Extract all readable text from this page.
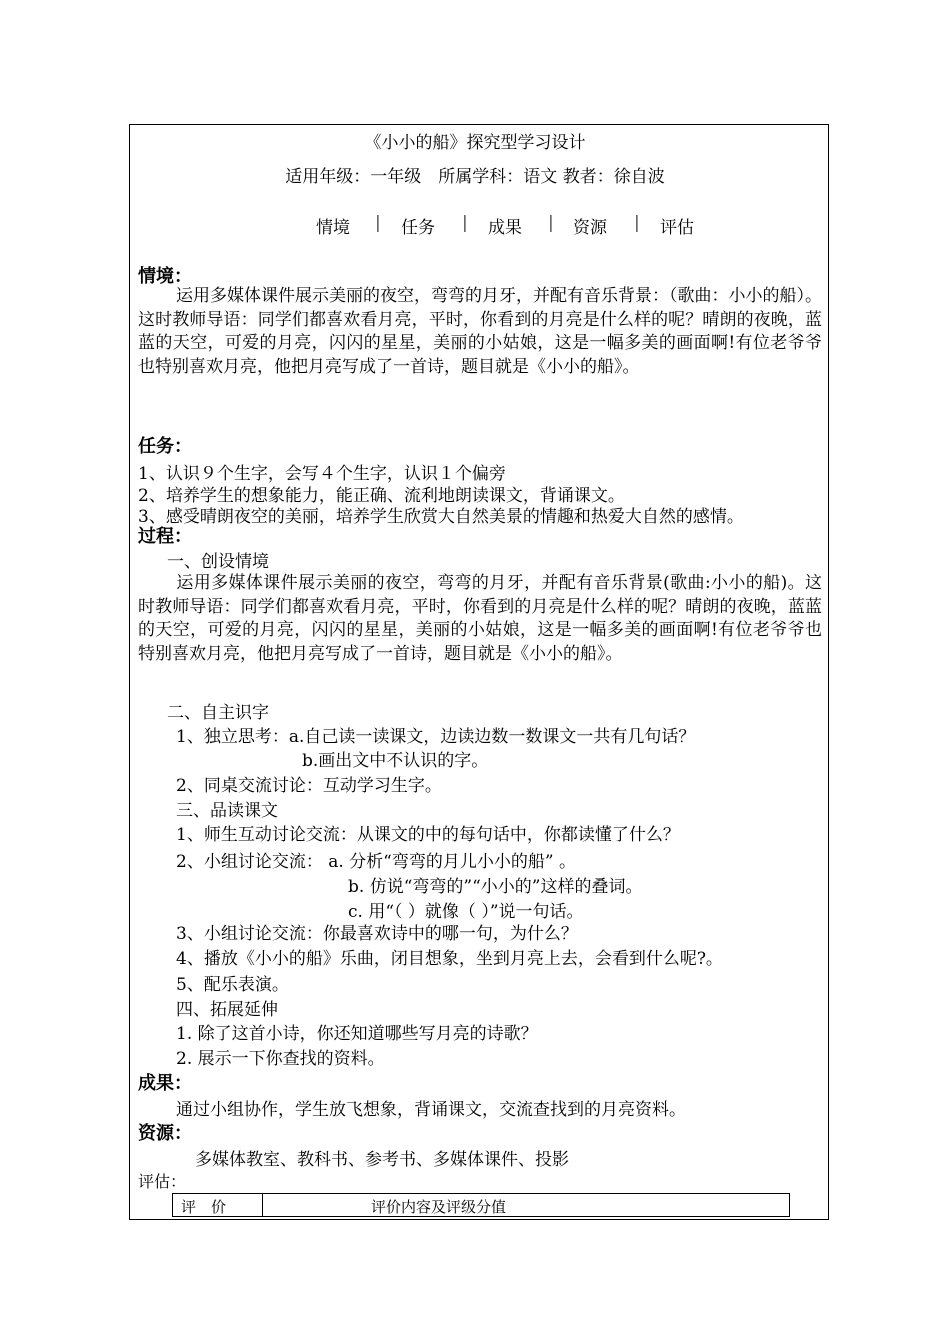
《小小的船》探究型学习设计
适用年级：一年级　所属学科：语文 教者：徐自波
情境 | 任务 | 成果 | 资源 | 评估
情境：
运用多媒体课件展示美丽的夜空，弯弯的月牙，并配有音乐背景：（歌曲：小小的船）。这时教师导语：同学们都喜欢看月亮，平时，你看到的月亮是什么样的呢？晴朗的夜晚，蓝蓝的天空，可爱的月亮，闪闪的星星，美丽的小姑娘，这是一幅多美的画面啊!有位老爷爷也特别喜欢月亮，他把月亮写成了一首诗，题目就是《小小的船》。
任务：
1、认识９个生字，会写４个生字，认识１个偏旁
2、培养学生的想象能力，能正确、流利地朗读课文，背诵课文。
3、感受晴朗夜空的美丽，培养学生欣赏大自然美景的情趣和热爱大自然的感情。
过程：
一、创设情境
运用多媒体课件展示美丽的夜空，弯弯的月牙，并配有音乐背景(歌曲:小小的船)。这时教师导语：同学们都喜欢看月亮，平时，你看到的月亮是什么样的呢？晴朗的夜晚，蓝蓝的天空，可爱的月亮，闪闪的星星，美丽的小姑娘，这是一幅多美的画面啊!有位老爷爷也特别喜欢月亮，他把月亮写成了一首诗，题目就是《小小的船》。
二、自主识字
1、独立思考：a.自己读一读课文，边读边数一数课文一共有几句话？
b.画出文中不认识的字。
2、同桌交流讨论：互动学习生字。
三、品读课文
1、师生互动讨论交流：从课文的中的每句话中，你都读懂了什么？
2、小组讨论交流： a. 分析“弯弯的月儿小小的船” 。
b. 仿说“弯弯的”“小小的”这样的叠词。
c. 用“（ ）就像（ ）”说一句话。
3、小组讨论交流：你最喜欢诗中的哪一句，为什么？
4、播放《小小的船》乐曲，闭目想象，坐到月亮上去，会看到什么呢?。
5、配乐表演。
四、拓展延伸
1. 除了这首小诗，你还知道哪些写月亮的诗歌？
2. 展示一下你查找的资料。
成果：
通过小组协作，学生放飞想象，背诵课文，交流查找到的月亮资料。
资源：
多媒体教室、教科书、参考书、多媒体课件、投影
评估：
评　价	评价内容及评级分值
